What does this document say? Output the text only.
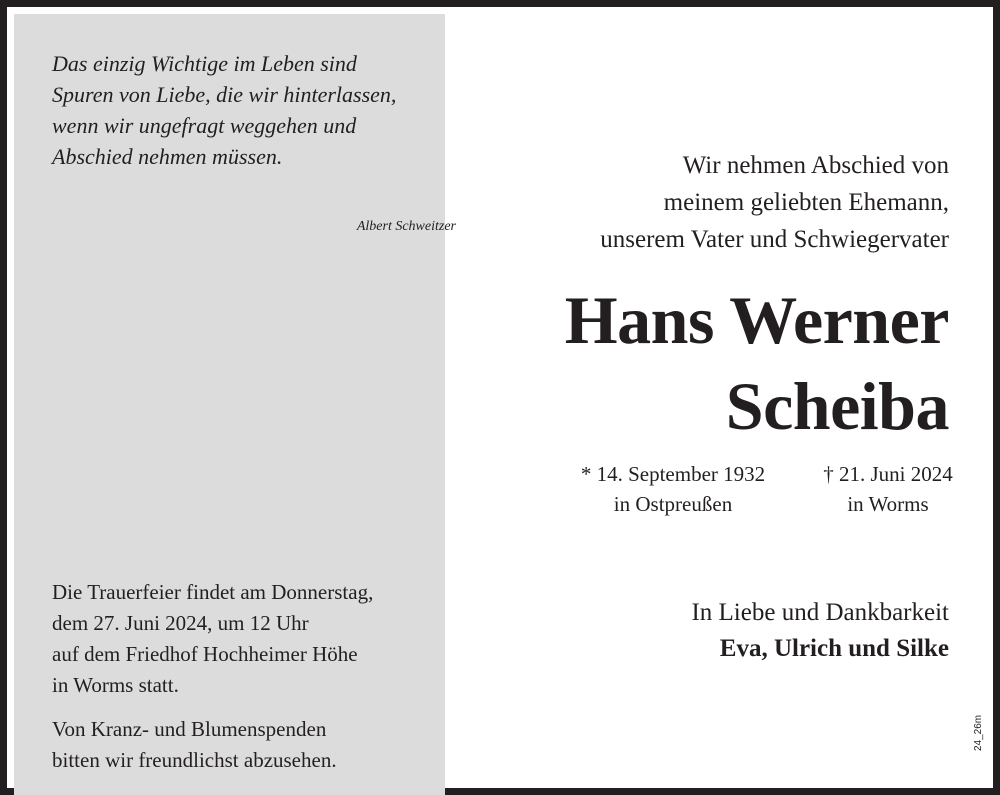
Das einzig Wichtige im Leben sind
Spuren von Liebe, die wir hinterlassen,
wenn wir ungefragt weggehen und
Abschied nehmen müssen.
Albert Schweitzer
Die Trauerfeier findet am Donnerstag,
dem 27. Juni 2024, um 12 Uhr
auf dem Friedhof Hochheimer Höhe
in Worms statt.
Von Kranz- und Blumenspenden
bitten wir freundlichst abzusehen.
Wir nehmen Abschied von
meinem geliebten Ehemann,
unserem Vater und Schwiegervater
Hans Werner
Scheiba
* 14. September 1932
in Ostpreußen
† 21. Juni 2024
in Worms
In Liebe und Dankbarkeit
Eva, Ulrich und Silke
24_26m
